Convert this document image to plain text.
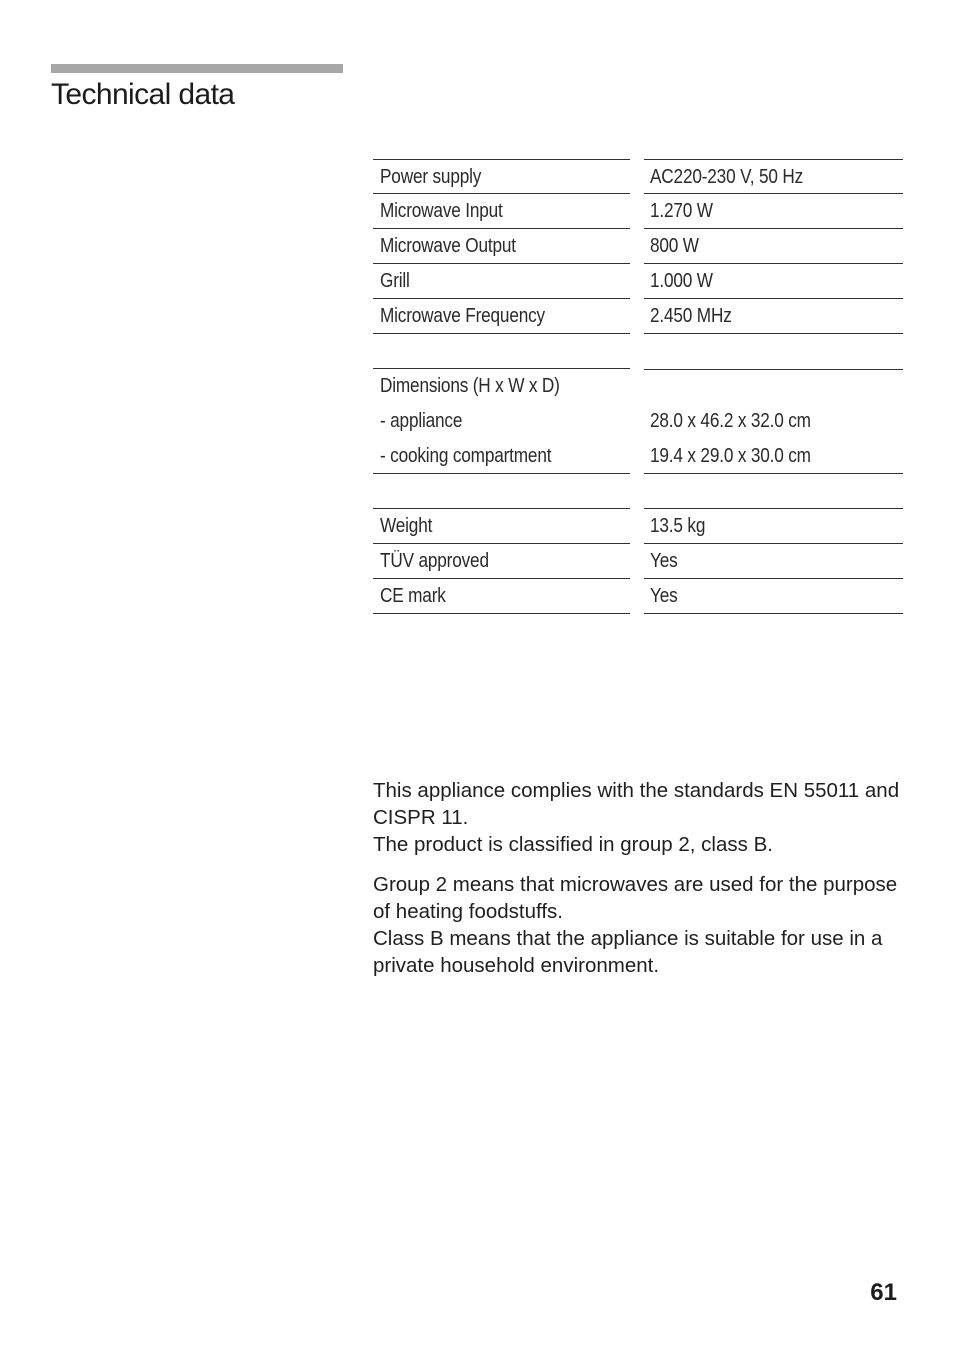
Technical data
Power supply	AC220-230 V, 50 Hz
Microwave Input	1.270 W
Microwave Output	800 W
Grill	1.000 W
Microwave Frequency	2.450 MHz
Dimensions (H x W x D)
- appliance	28.0 x 46.2 x 32.0 cm
- cooking compartment	19.4 x 29.0 x 30.0 cm
Weight	13.5 kg
TÜV approved	Yes
CE mark	Yes

This appliance complies with the standards EN 55011 and CISPR 11.

The product is classified in group 2, class B.

Group 2 means that microwaves are used for the purpose of heating foodstuffs.

Class B means that the appliance is suitable for use in a private household environment.

61
